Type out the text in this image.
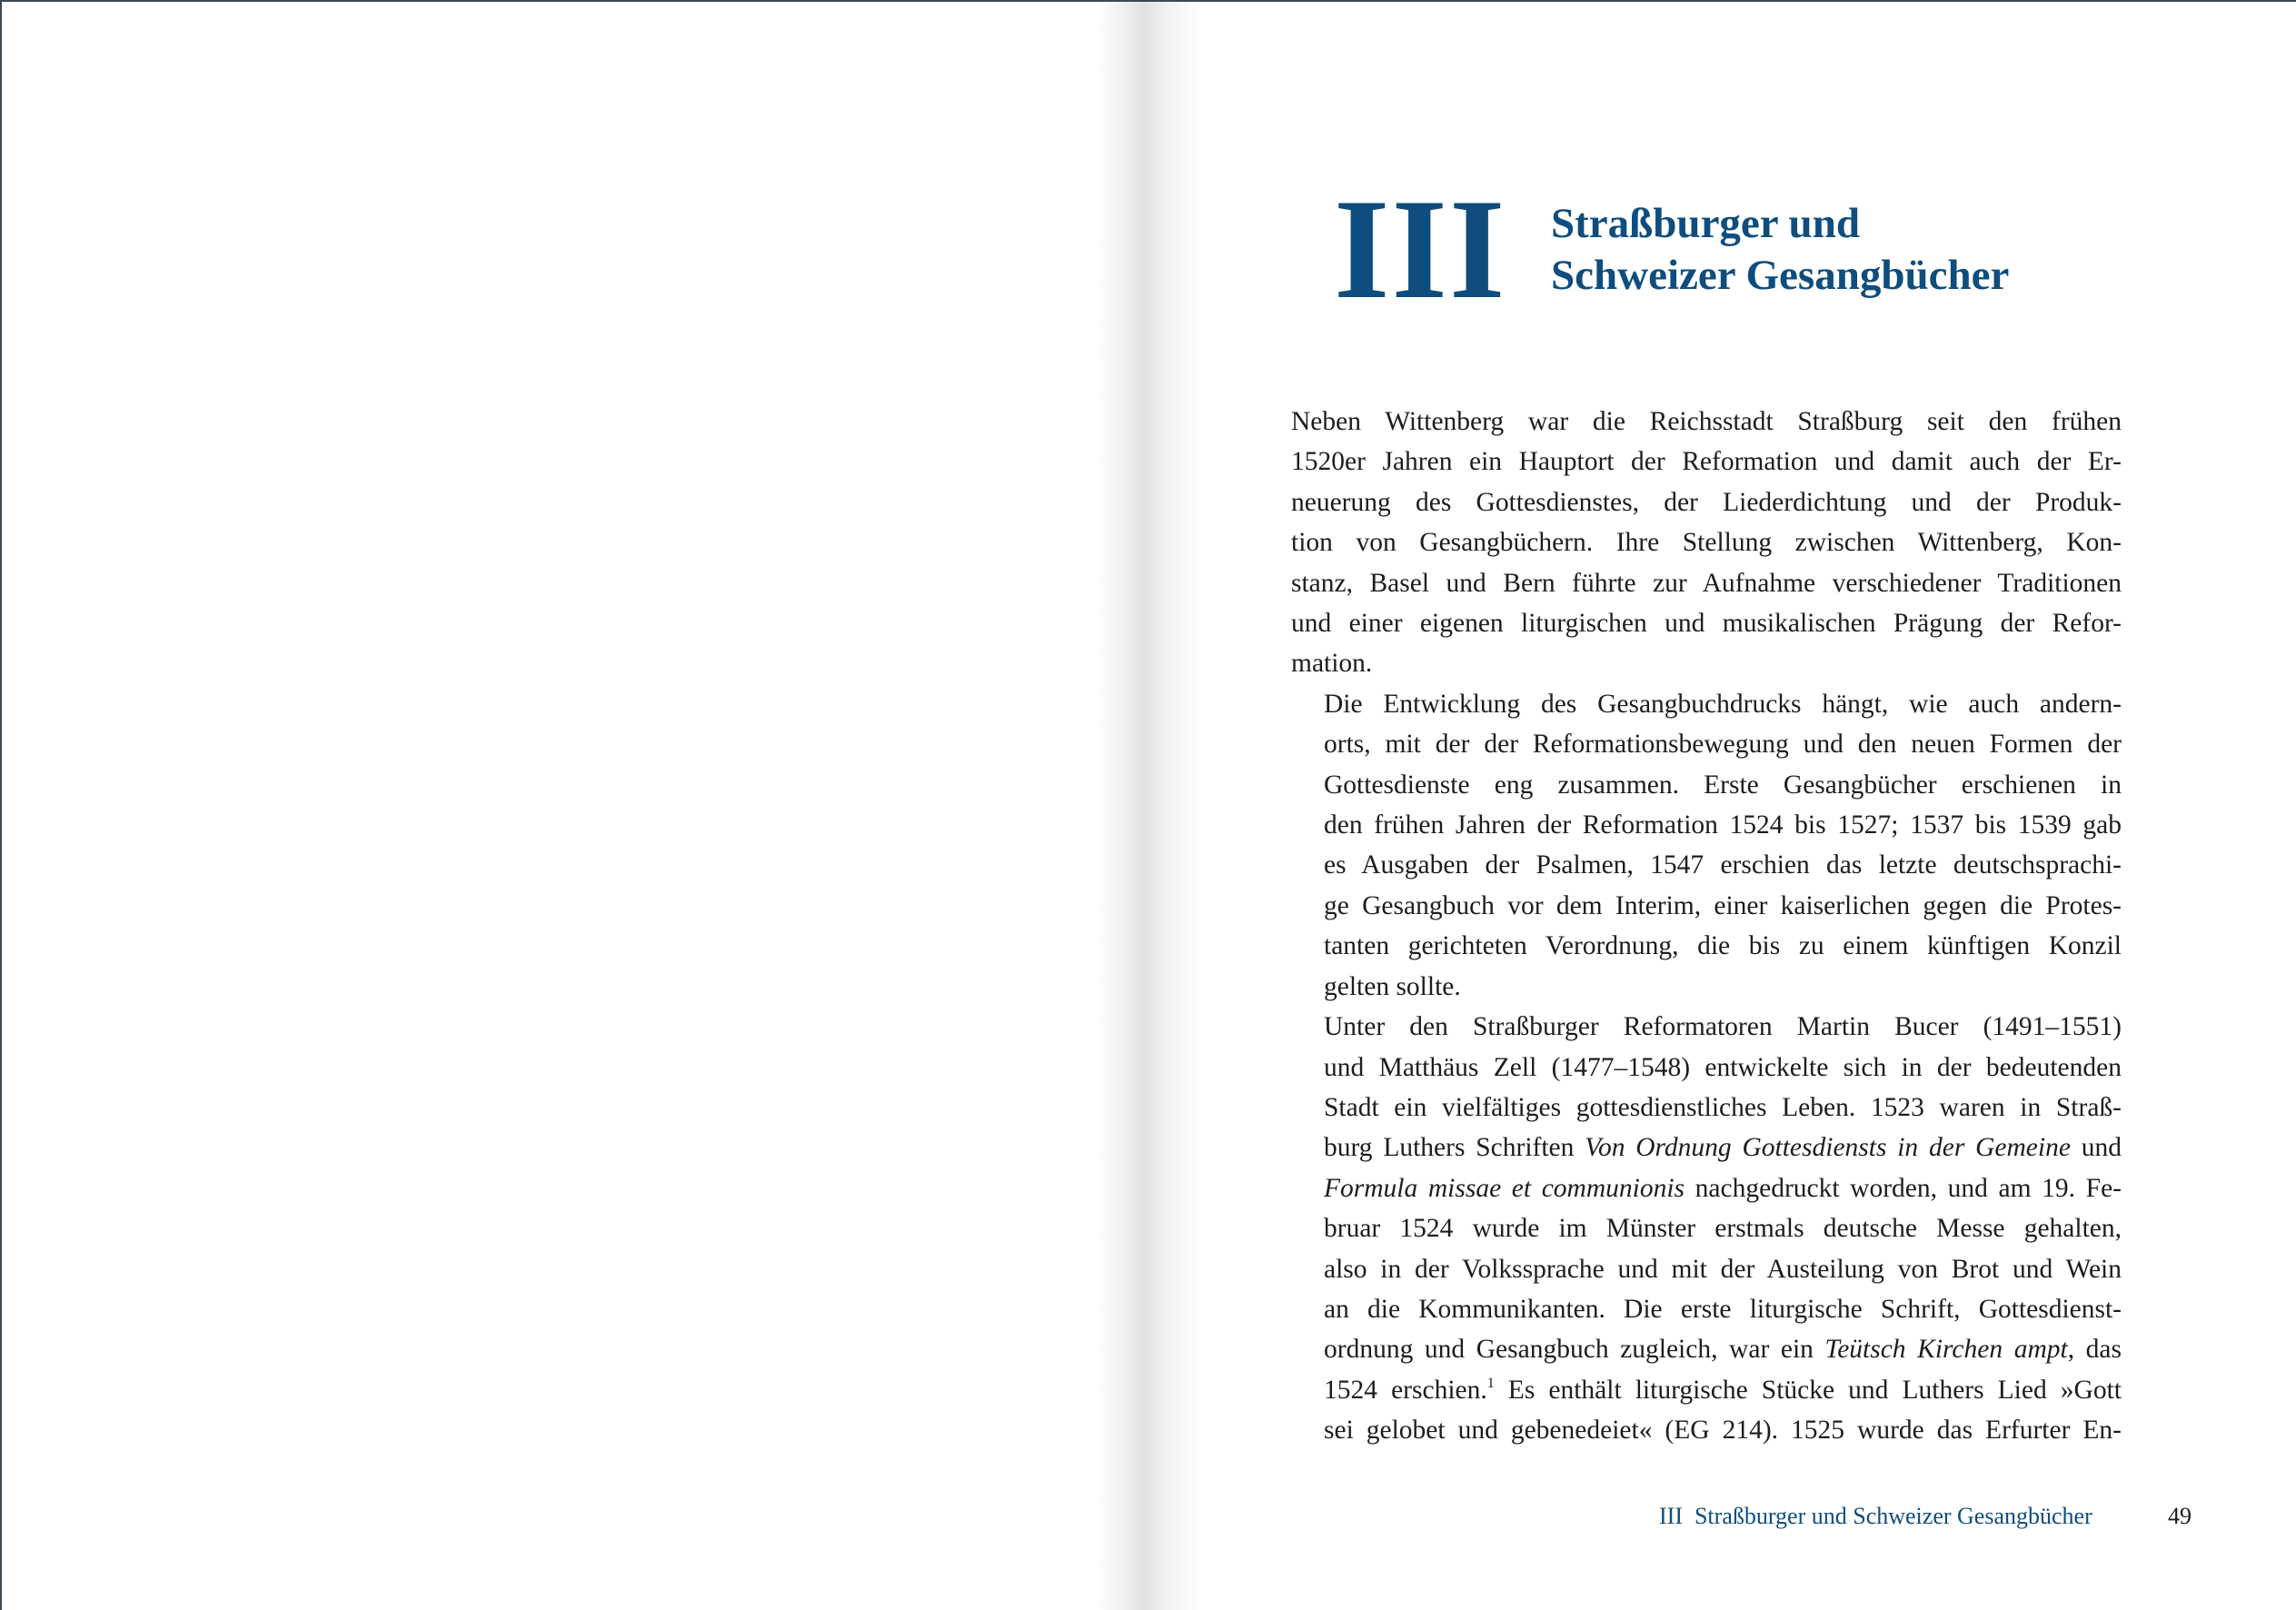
III Straßburger und
Schweizer Gesangbücher

Neben Wittenberg war die Reichsstadt Straßburg seit den frühen
1520er Jahren ein Hauptort der Reformation und damit auch der Er-
neuerung des Gottesdienstes, der Liederdichtung und der Produk-
tion von Gesangbüchern. Ihre Stellung zwischen Wittenberg, Kon-
stanz, Basel und Bern führte zur Aufnahme verschiedener Traditionen
und einer eigenen liturgischen und musikalischen Prägung der Refor-
mation.

Die Entwicklung des Gesangbuchdrucks hängt, wie auch andern-
orts, mit der der Reformationsbewegung und den neuen Formen der
Gottesdienste eng zusammen. Erste Gesangbücher erschienen in
den frühen Jahren der Reformation 1524 bis 1527; 1537 bis 1539 gab
es Ausgaben der Psalmen, 1547 erschien das letzte deutschsprachi-
ge Gesangbuch vor dem Interim, einer kaiserlichen gegen die Protes-
tanten gerichteten Verordnung, die bis zu einem künftigen Konzil
gelten sollte.

Unter den Straßburger Reformatoren Martin Bucer (1491–1551)
und Matthäus Zell (1477–1548) entwickelte sich in der bedeutenden
Stadt ein vielfältiges gottesdienstliches Leben. 1523 waren in Straß-
burg Luthers Schriften Von Ordnung Gottesdiensts in der Gemeine und
Formula missae et communionis nachgedruckt worden, und am 19. Fe-
bruar 1524 wurde im Münster erstmals deutsche Messe gehalten,
also in der Volkssprache und mit der Austeilung von Brot und Wein
an die Kommunikanten. Die erste liturgische Schrift, Gottesdienst-
ordnung und Gesangbuch zugleich, war ein Teütsch Kirchen ampt, das
1524 erschien.$^1$ Es enthält liturgische Stücke und Luthers Lied »Gott
sei gelobet und gebenedeiet« (EG 214). 1525 wurde das Erfurter En-

III  Straßburger und Schweizer Gesangbücher	49
